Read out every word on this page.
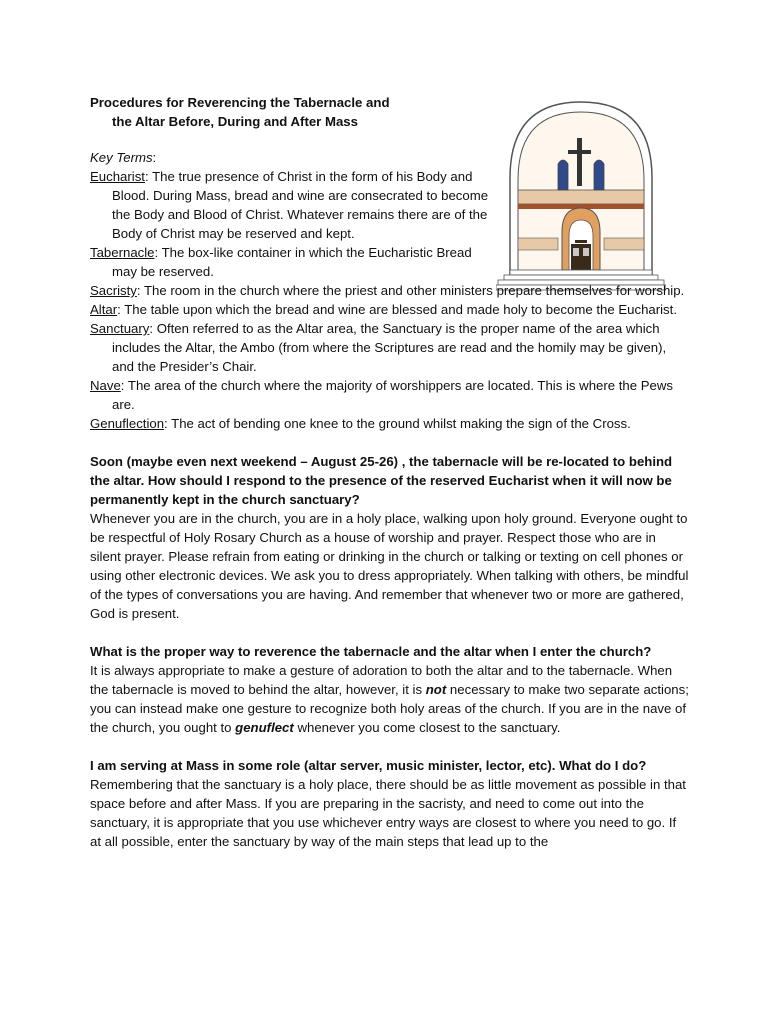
Procedures for Reverencing the Tabernacle and
the Altar Before, During and After Mass
Key Terms:
Eucharist: The true presence of Christ in the form of his Body and Blood. During Mass, bread and wine are consecrated to become the Body and Blood of Christ. Whatever remains there are of the Body of Christ may be reserved and kept.
Tabernacle: The box-like container in which the Eucharistic Bread may be reserved.
Sacristy: The room in the church where the priest and other ministers prepare themselves for worship.
Altar: The table upon which the bread and wine are blessed and made holy to become the Eucharist.
Sanctuary: Often referred to as the Altar area, the Sanctuary is the proper name of the area which includes the Altar, the Ambo (from where the Scriptures are read and the homily may be given), and the Presider’s Chair.
Nave: The area of the church where the majority of worshippers are located. This is where the Pews are.
Genuflection: The act of bending one knee to the ground whilst making the sign of the Cross.
Soon (maybe even next weekend – August 25-26) , the tabernacle will be re-located to behind the altar. How should I respond to the presence of the reserved Eucharist when it will now be permanently kept in the church sanctuary?
Whenever you are in the church, you are in a holy place, walking upon holy ground. Everyone ought to be respectful of Holy Rosary Church as a house of worship and prayer. Respect those who are in silent prayer. Please refrain from eating or drinking in the church or talking or texting on cell phones or using other electronic devices. We ask you to dress appropriately. When talking with others, be mindful of the types of conversations you are having. And remember that whenever two or more are gathered, God is present.
What is the proper way to reverence the tabernacle and the altar when I enter the church?
It is always appropriate to make a gesture of adoration to both the altar and to the tabernacle. When the tabernacle is moved to behind the altar, however, it is not necessary to make two separate actions; you can instead make one gesture to recognize both holy areas of the church. If you are in the nave of the church, you ought to genuflect whenever you come closest to the sanctuary.
I am serving at Mass in some role (altar server, music minister, lector, etc). What do I do?
Remembering that the sanctuary is a holy place, there should be as little movement as possible in that space before and after Mass. If you are preparing in the sacristy, and need to come out into the sanctuary, it is appropriate that you use whichever entry ways are closest to where you need to go. If at all possible, enter the sanctuary by way of the main steps that lead up to the
